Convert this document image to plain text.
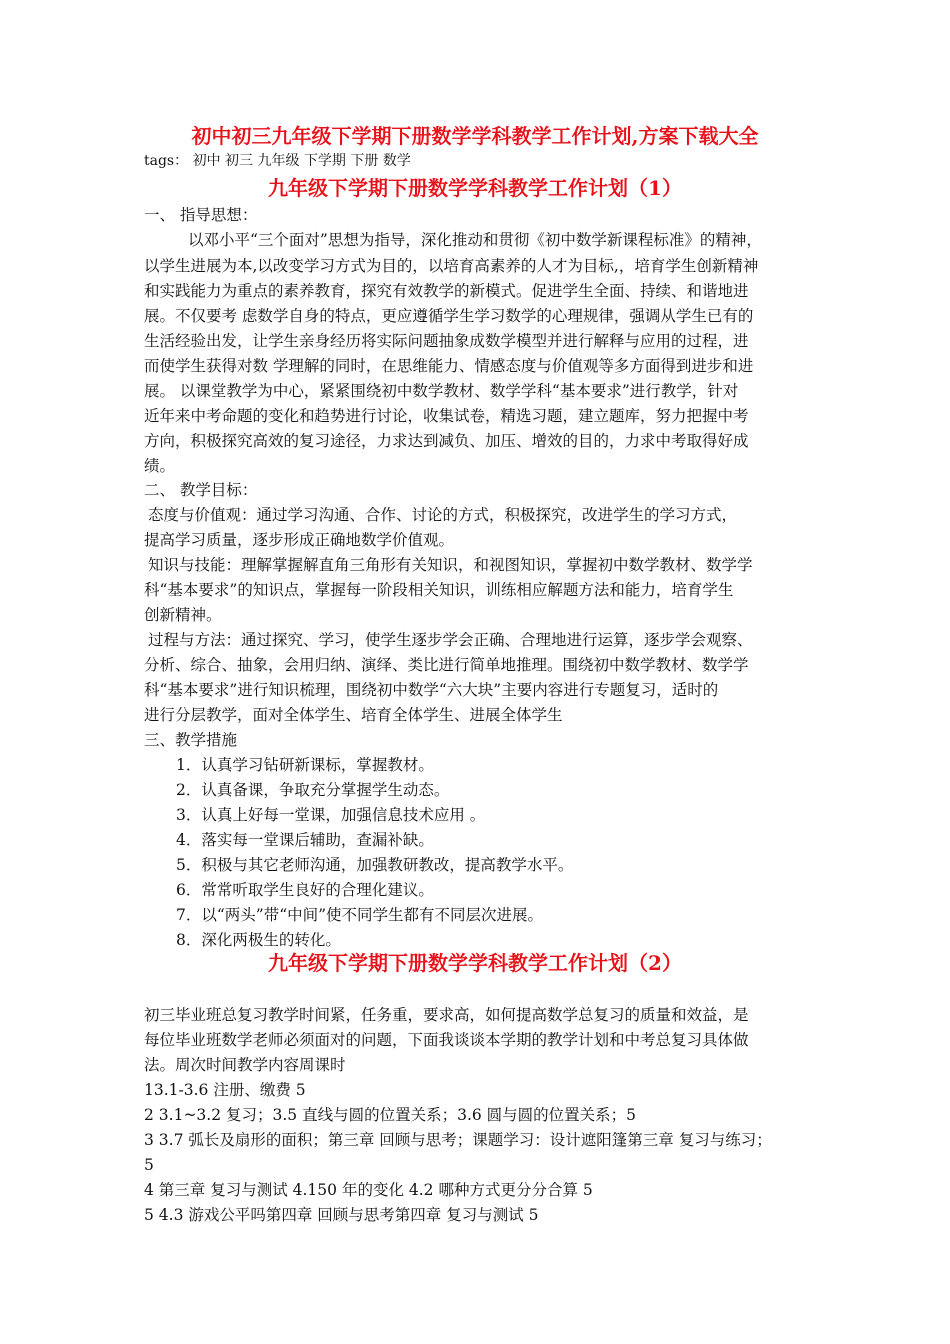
初中初三九年级下学期下册数学学科教学工作计划,方案下载大全
tags： 初中 初三 九年级 下学期 下册 数学
九年级下学期下册数学学科教学工作计划（1）
一、 指导思想：
以邓小平“三个面对”思想为指导，深化推动和贯彻《初中数学新课程标准》的精神，
以学生进展为本,以改变学习方式为目的，以培育高素养的人才为目标,，培育学生创新精神
和实践能力为重点的素养教育，探究有效教学的新模式。促进学生全面、持续、和谐地进
展。不仅要考 虑数学自身的特点，更应遵循学生学习数学的心理规律，强调从学生已有的
生活经验出发，让学生亲身经历将实际问题抽象成数学模型并进行解释与应用的过程，进
而使学生获得对数 学理解的同时，在思维能力、情感态度与价值观等多方面得到进步和进
展。 以课堂教学为中心，紧紧围绕初中数学教材、数学学科“基本要求”进行教学，针对
近年来中考命题的变化和趋势进行讨论，收集试卷，精选习题，建立题库，努力把握中考
方向，积极探究高效的复习途径，力求达到减负、加压、增效的目的，力求中考取得好成
绩。
二、 教学目标：
态度与价值观：通过学习沟通、合作、讨论的方式，积极探究，改进学生的学习方式，
提高学习质量，逐步形成正确地数学价值观。
知识与技能：理解掌握解直角三角形有关知识，和视图知识，掌握初中数学教材、数学学
科“基本要求”的知识点，掌握每一阶段相关知识，训练相应解题方法和能力，培育学生
创新精神。
过程与方法：通过探究、学习，使学生逐步学会正确、合理地进行运算，逐步学会观察、
分析、综合、抽象，会用归纳、演绎、类比进行简单地推理。围绕初中数学教材、数学学
科“基本要求”进行知识梳理，围绕初中数学“六大块”主要内容进行专题复习，适时的
进行分层教学，面对全体学生、培育全体学生、进展全体学生
三、教学措施
1．认真学习钻研新课标，掌握教材。
2．认真备课，争取充分掌握学生动态。
3．认真上好每一堂课，加强信息技术应用 。
4．落实每一堂课后辅助，查漏补缺。
5．积极与其它老师沟通，加强教研教改，提高教学水平。
6．常常听取学生良好的合理化建议。
7．以“两头”带“中间”使不同学生都有不同层次进展。
8．深化两极生的转化。
九年级下学期下册数学学科教学工作计划（2）
初三毕业班总复习教学时间紧，任务重，要求高，如何提高数学总复习的质量和效益，是
每位毕业班数学老师必须面对的问题，下面我谈谈本学期的教学计划和中考总复习具体做
法。周次时间教学内容周课时
13.1-3.6 注册、缴费 5
2 3.1~3.2 复习；3.5 直线与圆的位置关系；3.6 圆与圆的位置关系；5
3 3.7 弧长及扇形的面积；第三章 回顾与思考；课题学习：设计遮阳篷第三章 复习与练习；
5
4 第三章 复习与测试 4.150 年的变化 4.2 哪种方式更分分合算 5
5 4.3 游戏公平吗第四章 回顾与思考第四章 复习与测试 5
